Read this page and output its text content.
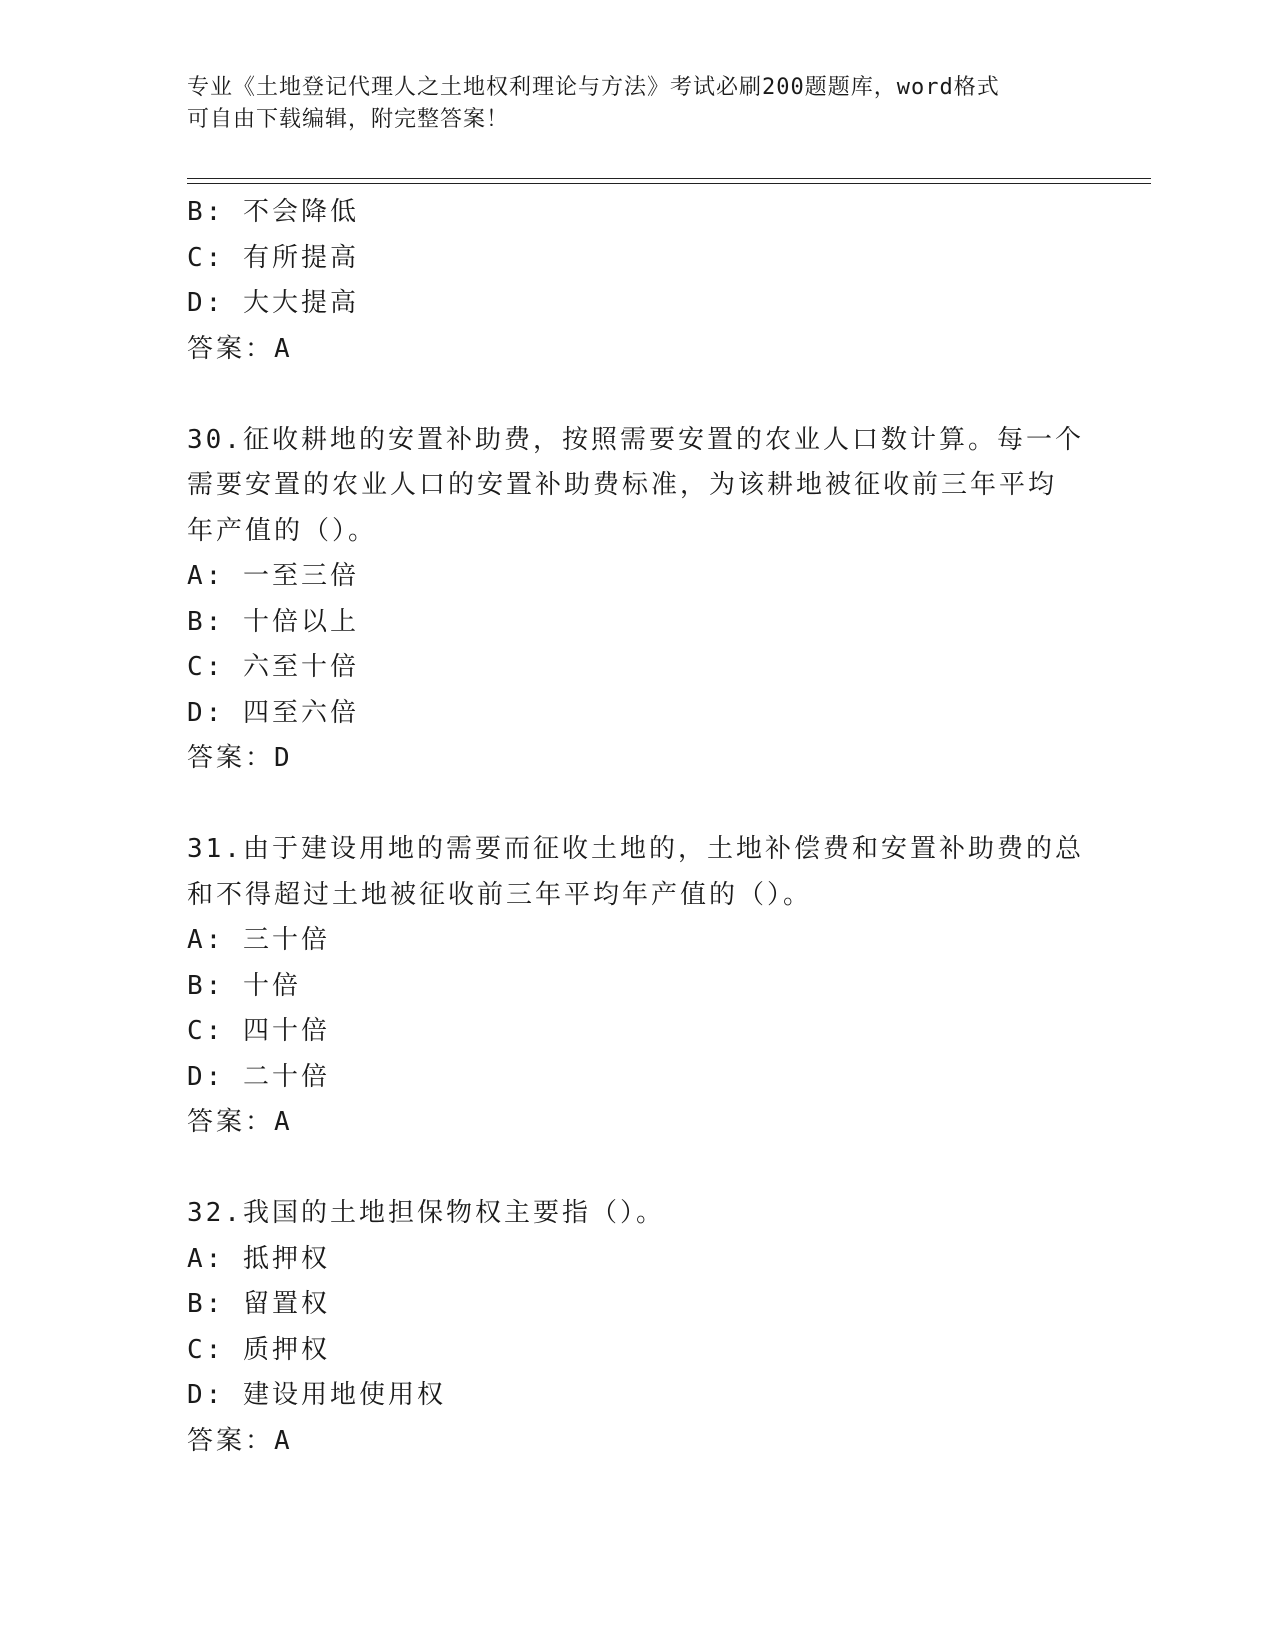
专业《土地登记代理人之土地权利理论与方法》考试必刷200题题库，word格式
可自由下载编辑，附完整答案！
B: 不会降低
C: 有所提高
D: 大大提高
答案：A
30.征收耕地的安置补助费，按照需要安置的农业人口数计算。每一个
需要安置的农业人口的安置补助费标准，为该耕地被征收前三年平均
年产值的（）。
A: 一至三倍
B: 十倍以上
C: 六至十倍
D: 四至六倍
答案：D
31.由于建设用地的需要而征收土地的，土地补偿费和安置补助费的总
和不得超过土地被征收前三年平均年产值的（）。
A: 三十倍
B: 十倍
C: 四十倍
D: 二十倍
答案：A
32.我国的土地担保物权主要指（）。
A: 抵押权
B: 留置权
C: 质押权
D: 建设用地使用权
答案：A
